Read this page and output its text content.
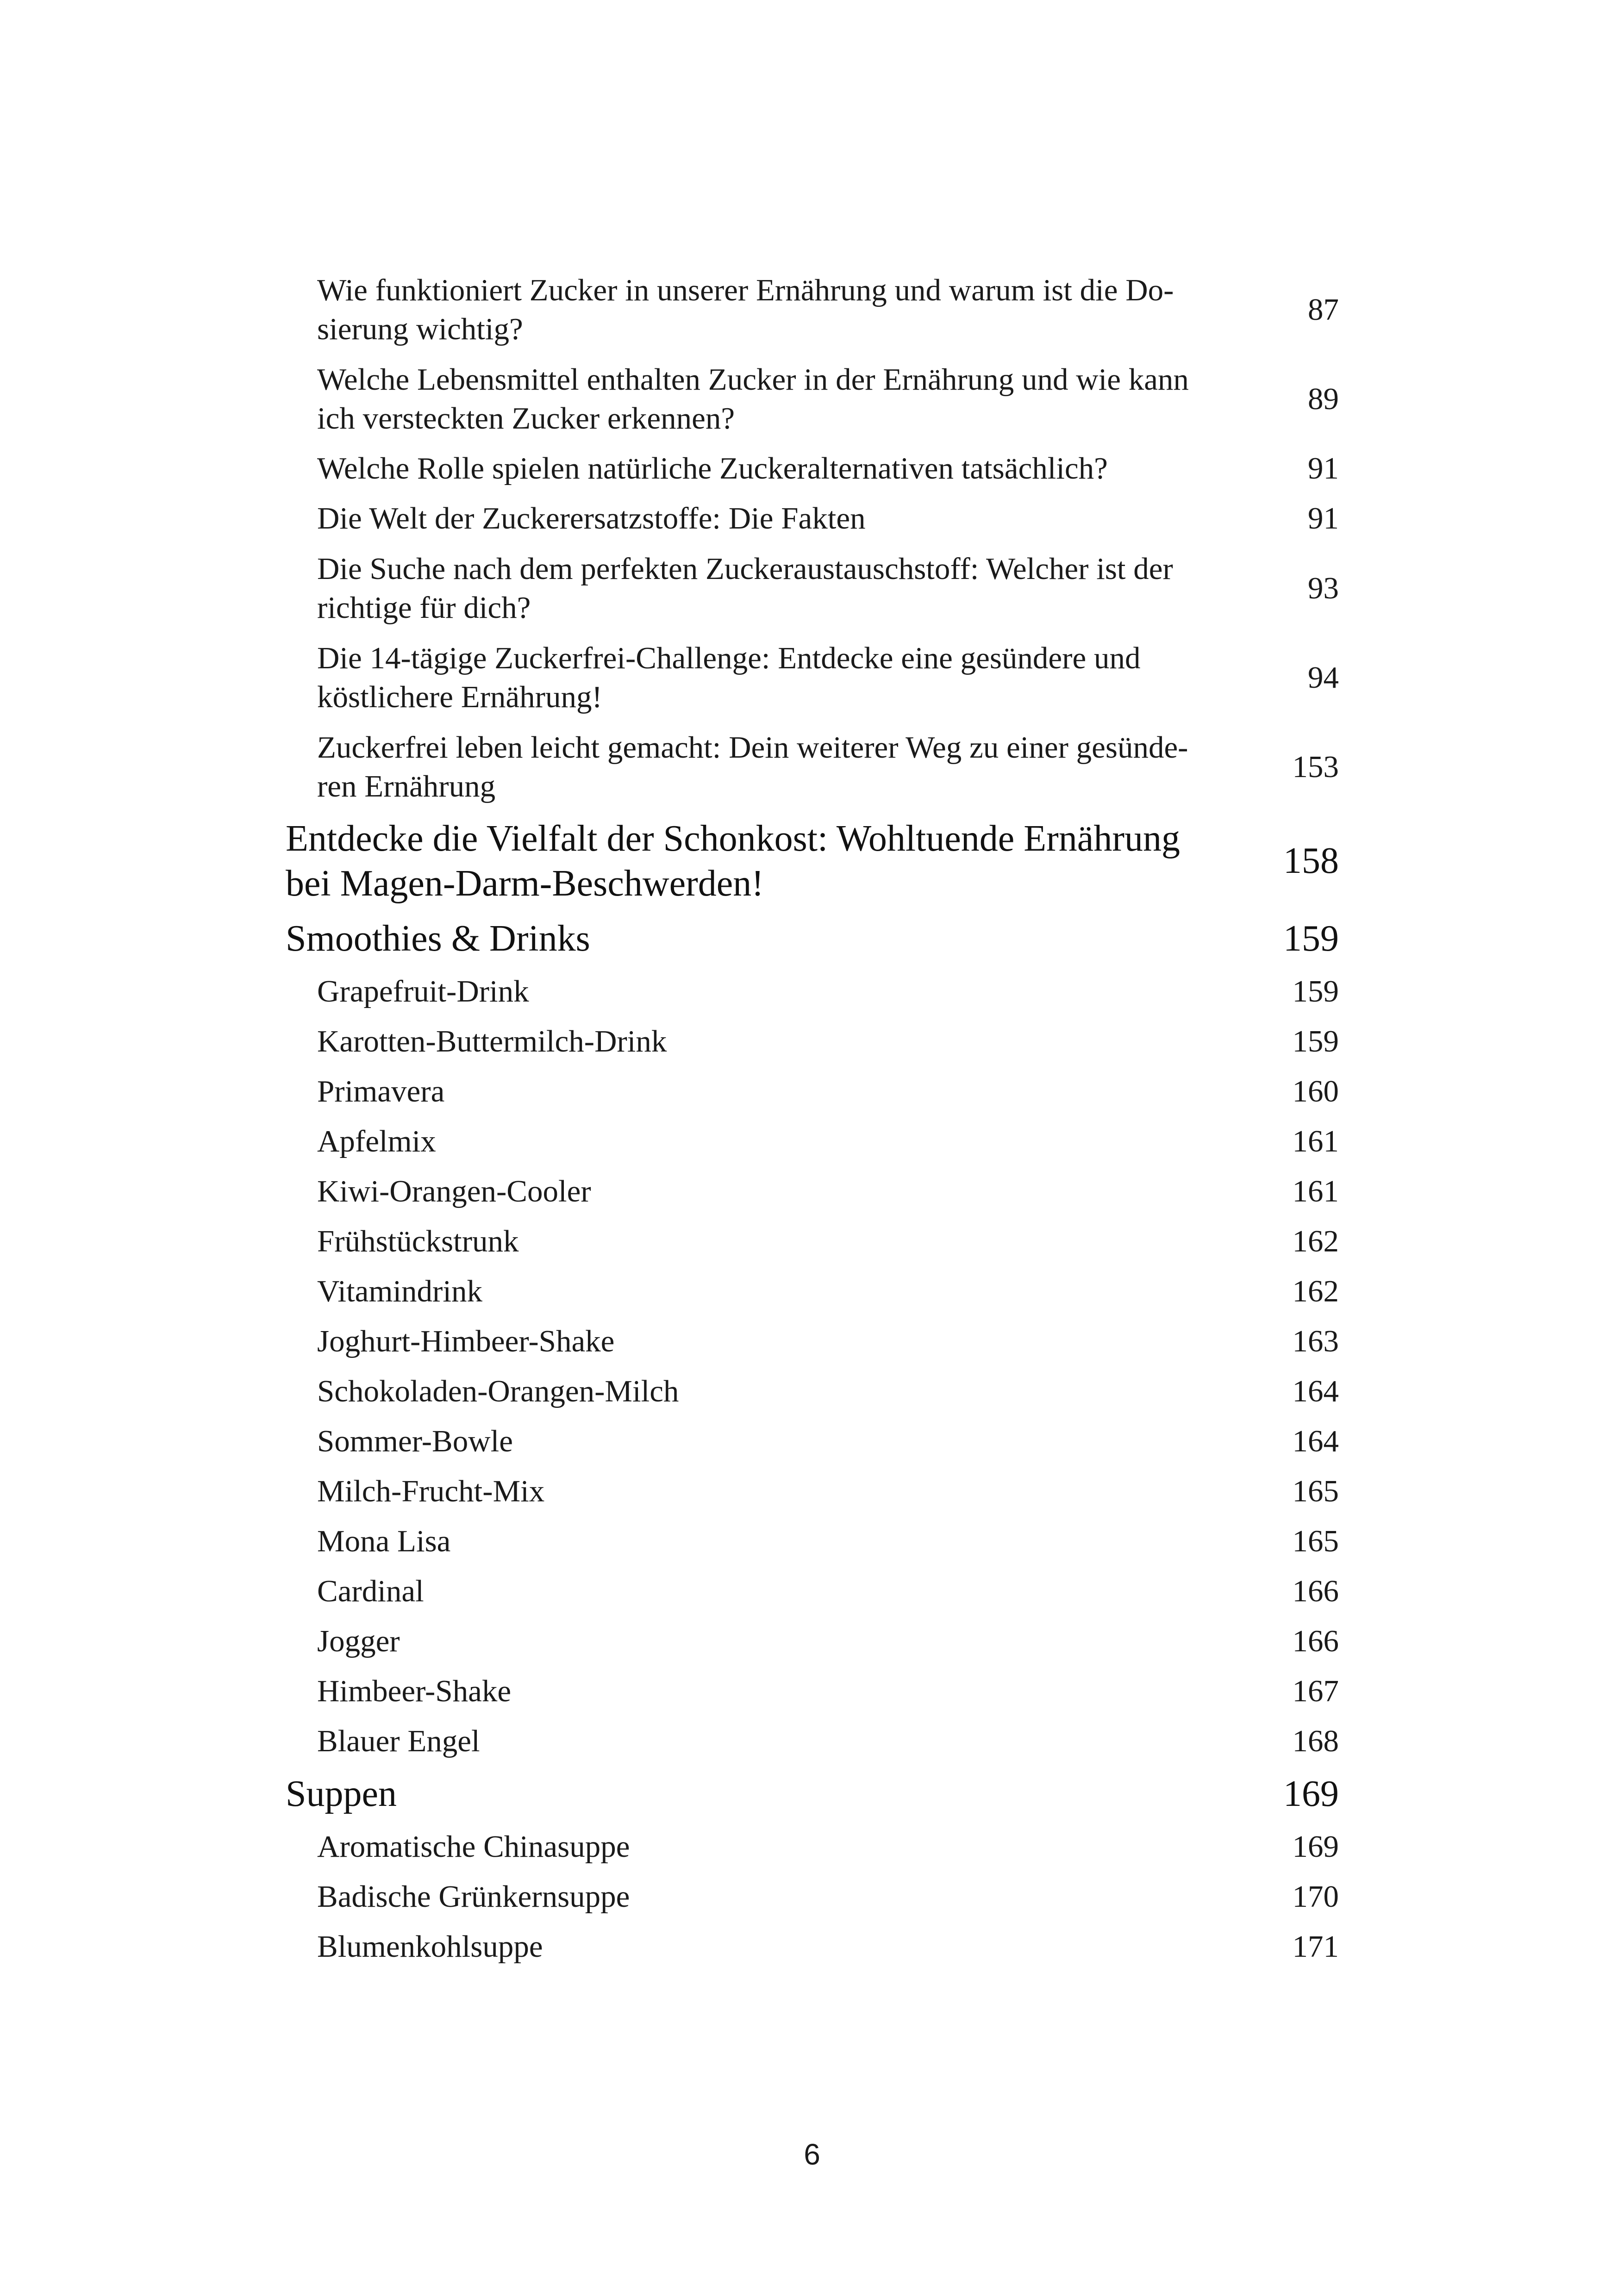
Wie funktioniert Zucker in unserer Ernährung und warum ist die Do-
sierung wichtig?
87
Welche Lebensmittel enthalten Zucker in der Ernährung und wie kann
ich versteckten Zucker erkennen?
89
Welche Rolle spielen natürliche Zuckeralternativen tatsächlich?	91
Die Welt der Zuckerersatzstoffe: Die Fakten	91
Die Suche nach dem perfekten Zuckeraustauschstoff: Welcher ist der
richtige für dich?
93
Die 14-tägige Zuckerfrei-Challenge: Entdecke eine gesündere und
köstlichere Ernährung!
94
Zuckerfrei leben leicht gemacht: Dein weiterer Weg zu einer gesünde-
ren Ernährung
153
Entdecke die Vielfalt der Schonkost: Wohltuende Ernährung
bei Magen-Darm-Beschwerden!
158
Smoothies & Drinks	159
Grapefruit-Drink	159
Karotten-Buttermilch-Drink	159
Primavera	160
Apfelmix	161
Kiwi-Orangen-Cooler	161
Frühstückstrunk	162
Vitamindrink	162
Joghurt-Himbeer-Shake	163
Schokoladen-Orangen-Milch	164
Sommer-Bowle	164
Milch-Frucht-Mix	165
Mona Lisa	165
Cardinal	166
Jogger	166
Himbeer-Shake	167
Blauer Engel	168
Suppen	169
Aromatische Chinasuppe	169
Badische Grünkernsuppe	170
Blumenkohlsuppe	171
6
